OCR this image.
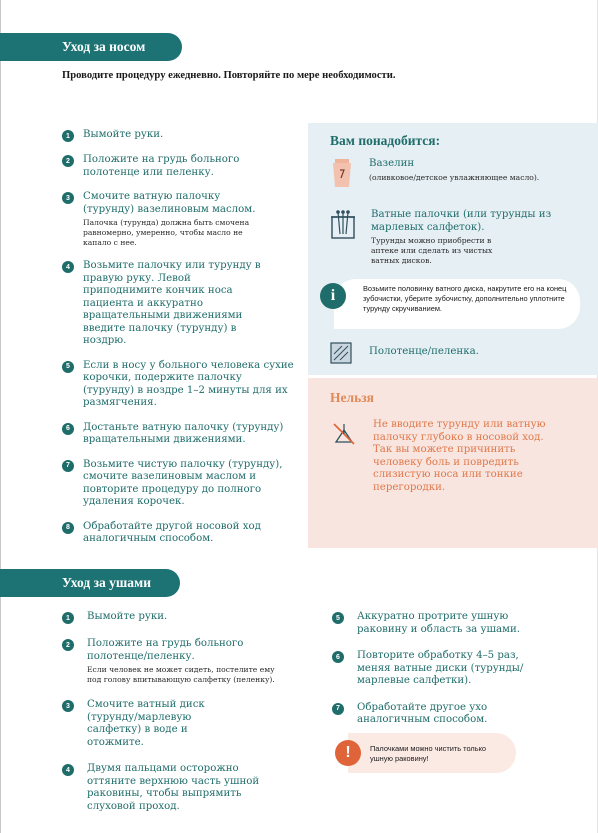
Уход за носом
Проводите процедуру ежедневно. Повторяйте по мере необходимости.
1	Вымойте руки.
2	Положите на грудь больного полотенце или пеленку.
3	Смочите ватную палочку (турунду) вазелиновым маслом.
Палочка (турунда) должна быть смочена равномерно, умеренно, чтобы масло не капало с нее.
4	Возьмите палочку или турунду в правую руку. Левой приподнимите кончик носа пациента и аккуратно вращательными движениями введите палочку (турунду) в ноздрю.
5	Если в носу у больного человека сухие корочки, подержите палочку (турунду) в ноздре 1–2 минуты для их размягчения.
6	Достаньте ватную палочку (турунду) вращательными движениями.
7	Возьмите чистую палочку (турунду), смочите вазелиновым маслом и повторите процедуру до полного удаления корочек.
8	Обработайте другой носовой ход аналогичным способом.
Вам понадобится:
Вазелин
(оливковое/детское увлажняющее масло).
Ватные палочки (или турунды из марлевых салфеток).
Турунды можно приобрести в аптеке или сделать из чистых ватных дисков.
Полотенце/пеленка.
i	Возьмите половинку ватного диска, накрутите его на конец зубочистки, уберите зубочистку, дополнительно уплотните турунду скручиванием.
Нельзя
Не вводите турунду или ватную палочку глубоко в носовой ход. Так вы можете причинить человеку боль и повредить слизистую носа или тонкие перегородки.
Уход за ушами
1	Вымойте руки.
2	Положите на грудь больного полотенце/пеленку.
Если человек не может сидеть, постелите ему под голову впитывающую салфетку (пеленку).
3	Смочите ватный диск (турунду/марлевую салфетку) в воде и отожмите.
4	Двумя пальцами осторожно оттяните верхнюю часть ушной раковины, чтобы выпрямить слуховой проход.
5	Аккуратно протрите ушную раковину и область за ушами.
6	Повторите обработку 4–5 раз, меняя ватные диски (турунды/марлевые салфетки).
7	Обработайте другое ухо аналогичным способом.
!	Палочками можно чистить только ушную раковину!
